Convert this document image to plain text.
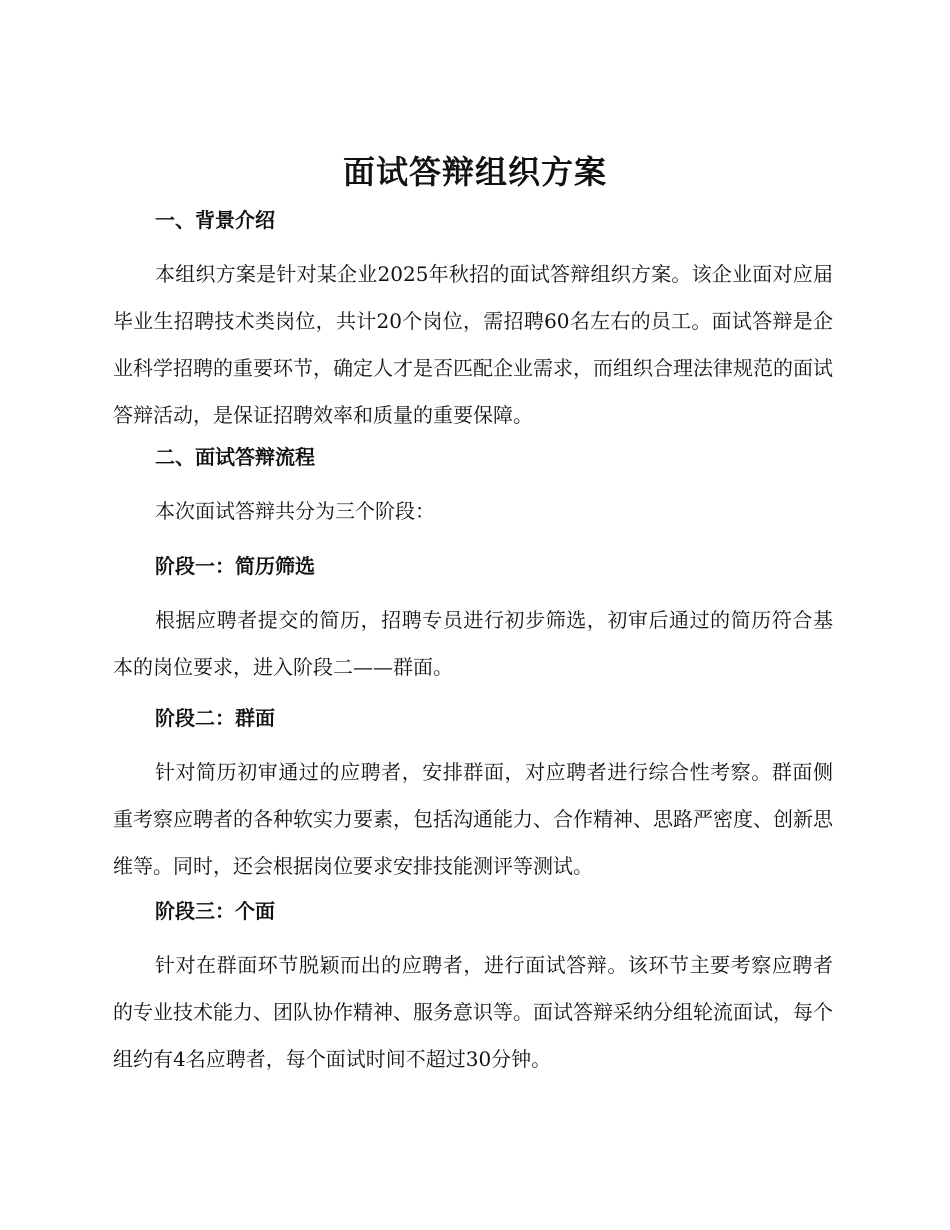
面试答辩组织方案
一、背景介绍

本组织方案是针对某企业2025年秋招的面试答辩组织方案。该企业面对应届毕业生招聘技术类岗位，共计20个岗位，需招聘60名左右的员工。面试答辩是企业科学招聘的重要环节，确定人才是否匹配企业需求，而组织合理法律规范的面试答辩活动，是保证招聘效率和质量的重要保障。

二、面试答辩流程

本次面试答辩共分为三个阶段：

阶段一：简历筛选

根据应聘者提交的简历，招聘专员进行初步筛选，初审后通过的简历符合基本的岗位要求，进入阶段二——群面。

阶段二：群面

针对简历初审通过的应聘者，安排群面，对应聘者进行综合性考察。群面侧重考察应聘者的各种软实力要素，包括沟通能力、合作精神、思路严密度、创新思维等。同时，还会根据岗位要求安排技能测评等测试。

阶段三：个面

针对在群面环节脱颖而出的应聘者，进行面试答辩。该环节主要考察应聘者的专业技术能力、团队协作精神、服务意识等。面试答辩采纳分组轮流面试，每个组约有4名应聘者，每个面试时间不超过30分钟。
